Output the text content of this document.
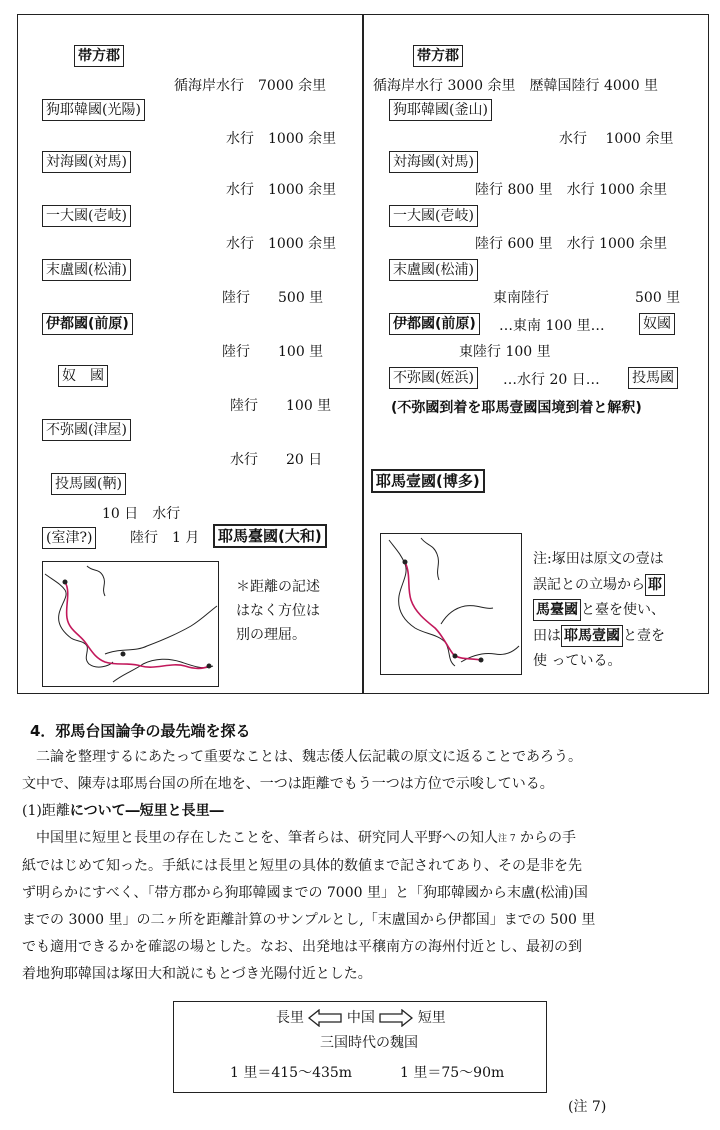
帯方郡
循海岸水行　7000 余里
狗耶韓國(光陽)
水行　1000 余里
対海國(対馬)
水行　1000 余里
一大國(壱岐)
水行　1000 余里
末盧國(松浦)
陸行　　500 里
伊都國(前原)
陸行　　100 里
奴　國
陸行　　100 里
不弥國(津屋)
水行　　20 日
投馬國(鞆)
10 日　水行
(室津?)	陸行　1 月	耶馬臺國(大和)
＊距離の記述
はなく方位は
別の理屈。
帯方郡
循海岸水行 3000 余里　歴韓国陸行 4000 里
狗耶韓國(釜山)
水行　 1000 余里
対海國(対馬)
陸行 800 里　水行 1000 余里
一大國(壱岐)
陸行 600 里　水行 1000 余里
末盧國(松浦)
東南陸行	500 里
伊都國(前原) …東南 100 里…	奴國
東陸行 100 里
不弥國(姪浜) …水行 20 日… 投馬國
(不弥國到着を耶馬壹國国境到着と解釈)
耶馬壹國(博多)
注:塚田は原文の壹は
誤記との立場から 耶
馬臺國 と臺を使い、
田は 耶馬壹國 と壹を
使 っている。
4．邪馬台国論争の最先端を探る
　二論を整理するにあたって重要なことは、魏志倭人伝記載の原文に返ることであろう。
文中で、陳寿は耶馬台国の所在地を、一つは距離でもう一つは方位で示唆している。
(1)距離について―短里と長里―
　中国里に短里と長里の存在したことを、筆者らは、研究同人平野への知人注 7 からの手
紙ではじめて知った。手紙には長里と短里の具体的数値まで記されてあり、その是非を先
ず明らかにすべく、「帯方郡から狗耶韓國までの 7000 里」と「狗耶韓國から末盧(松浦)国
までの 3000 里」の二ヶ所を距離計算のサンプルとし,「末盧国から伊都国」までの 500 里
でも適用できるかを確認の場とした。なお、出発地は平穣南方の海州付近とし、最初の到
着地狗耶韓国は塚田大和説にもとづき光陽付近とした。
長里	中国	短里
三国時代の魏国
1 里＝415～435m	1 里＝75～90m
(注 7)
